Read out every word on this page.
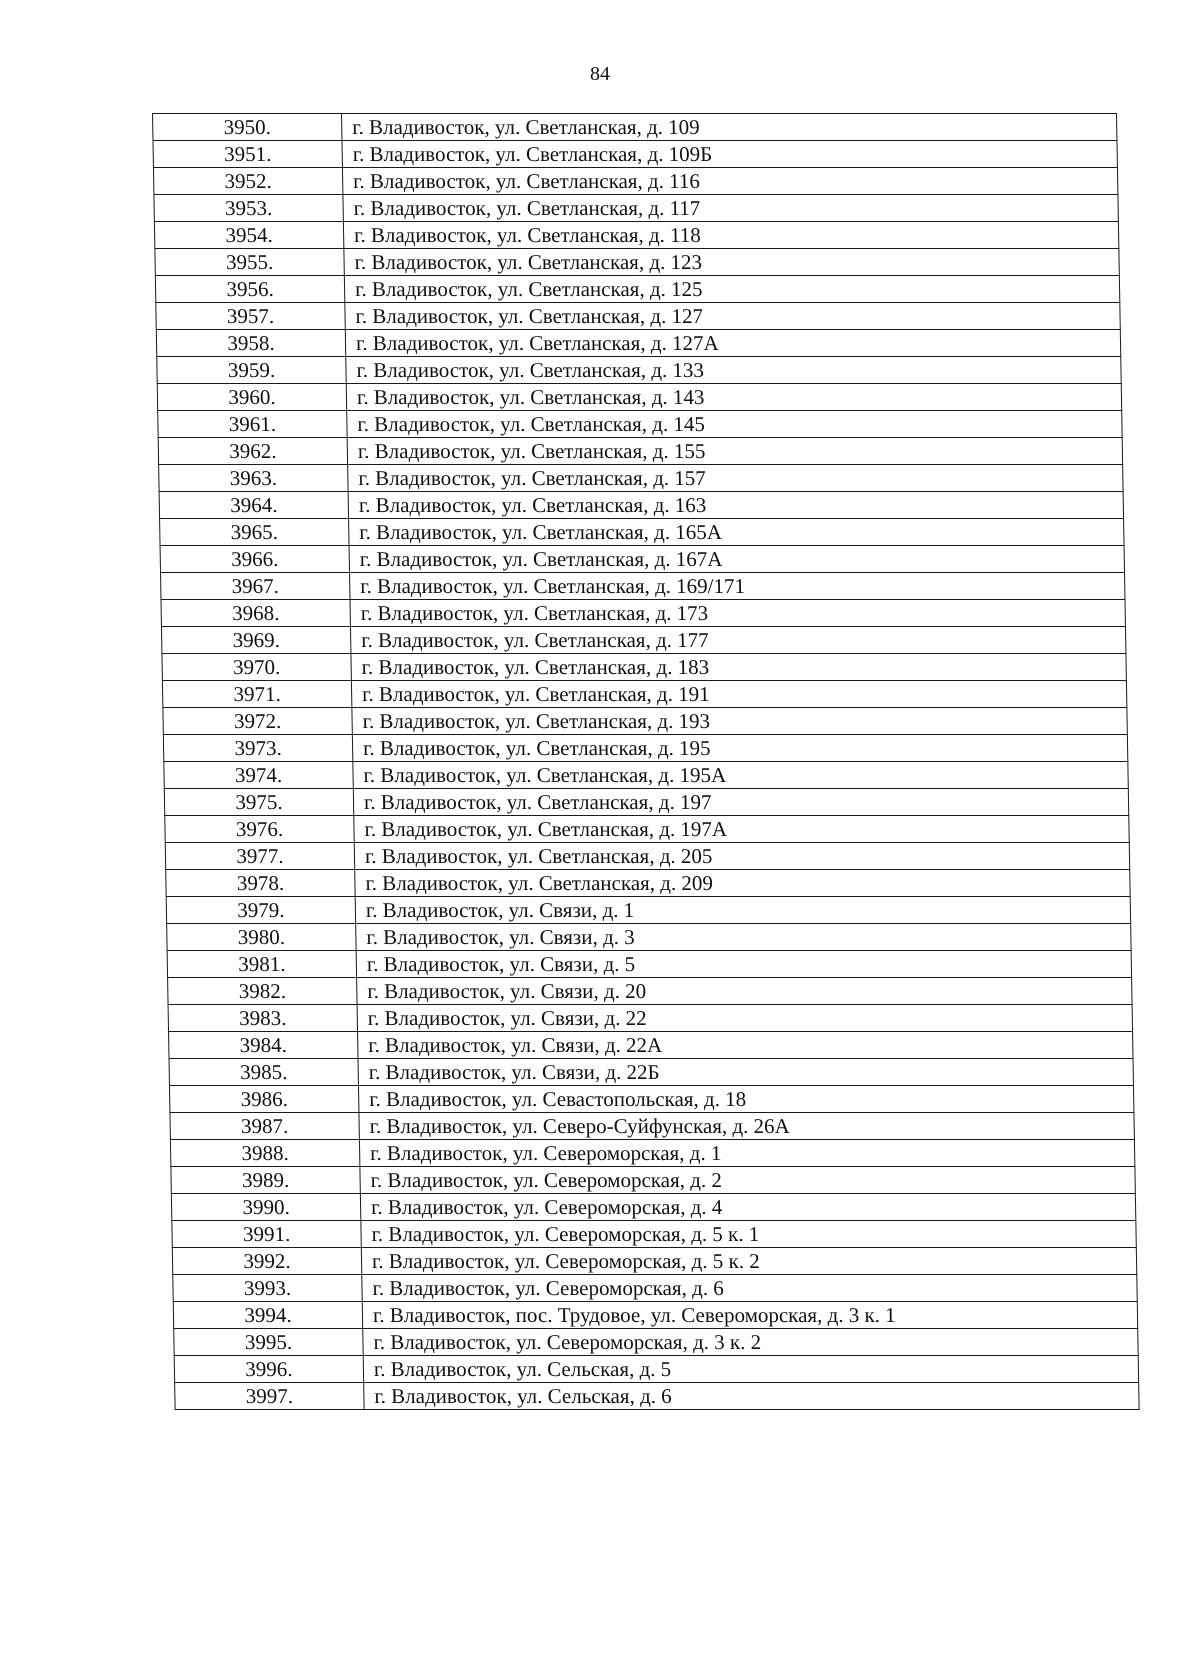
84
3950.	г. Владивосток, ул. Светланская, д. 109
3951.	г. Владивосток, ул. Светланская, д. 109Б
3952.	г. Владивосток, ул. Светланская, д. 116
3953.	г. Владивосток, ул. Светланская, д. 117
3954.	г. Владивосток, ул. Светланская, д. 118
3955.	г. Владивосток, ул. Светланская, д. 123
3956.	г. Владивосток, ул. Светланская, д. 125
3957.	г. Владивосток, ул. Светланская, д. 127
3958.	г. Владивосток, ул. Светланская, д. 127А
3959.	г. Владивосток, ул. Светланская, д. 133
3960.	г. Владивосток, ул. Светланская, д. 143
3961.	г. Владивосток, ул. Светланская, д. 145
3962.	г. Владивосток, ул. Светланская, д. 155
3963.	г. Владивосток, ул. Светланская, д. 157
3964.	г. Владивосток, ул. Светланская, д. 163
3965.	г. Владивосток, ул. Светланская, д. 165А
3966.	г. Владивосток, ул. Светланская, д. 167А
3967.	г. Владивосток, ул. Светланская, д. 169/171
3968.	г. Владивосток, ул. Светланская, д. 173
3969.	г. Владивосток, ул. Светланская, д. 177
3970.	г. Владивосток, ул. Светланская, д. 183
3971.	г. Владивосток, ул. Светланская, д. 191
3972.	г. Владивосток, ул. Светланская, д. 193
3973.	г. Владивосток, ул. Светланская, д. 195
3974.	г. Владивосток, ул. Светланская, д. 195А
3975.	г. Владивосток, ул. Светланская, д. 197
3976.	г. Владивосток, ул. Светланская, д. 197А
3977.	г. Владивосток, ул. Светланская, д. 205
3978.	г. Владивосток, ул. Светланская, д. 209
3979.	г. Владивосток, ул. Связи, д. 1
3980.	г. Владивосток, ул. Связи, д. 3
3981.	г. Владивосток, ул. Связи, д. 5
3982.	г. Владивосток, ул. Связи, д. 20
3983.	г. Владивосток, ул. Связи, д. 22
3984.	г. Владивосток, ул. Связи, д. 22А
3985.	г. Владивосток, ул. Связи, д. 22Б
3986.	г. Владивосток, ул. Севастопольская, д. 18
3987.	г. Владивосток, ул. Северо-Суйфунская, д. 26А
3988.	г. Владивосток, ул. Североморская, д. 1
3989.	г. Владивосток, ул. Североморская, д. 2
3990.	г. Владивосток, ул. Североморская, д. 4
3991.	г. Владивосток, ул. Североморская, д. 5 к. 1
3992.	г. Владивосток, ул. Североморская, д. 5 к. 2
3993.	г. Владивосток, ул. Североморская, д. 6
3994.	г. Владивосток, пос. Трудовое, ул. Североморская, д. 3 к. 1
3995.	г. Владивосток, ул. Североморская, д. 3 к. 2
3996.	г. Владивосток, ул. Сельская, д. 5
3997.	г. Владивосток, ул. Сельская, д. 6
